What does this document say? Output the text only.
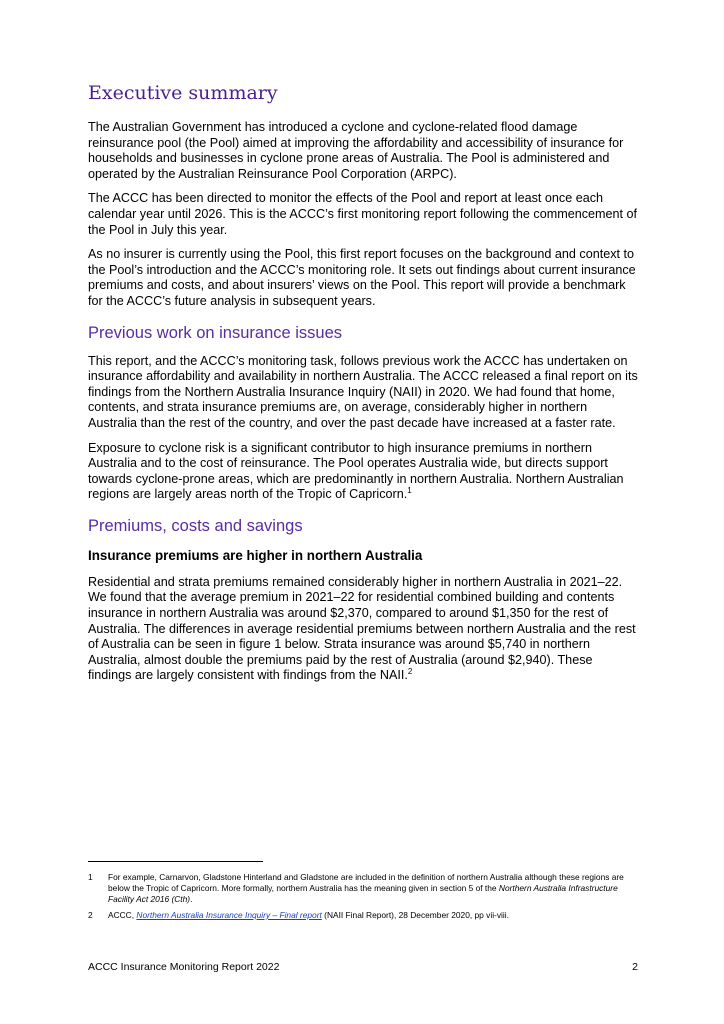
Executive summary

The Australian Government has introduced a cyclone and cyclone-related flood damage reinsurance pool (the Pool) aimed at improving the affordability and accessibility of insurance for households and businesses in cyclone prone areas of Australia. The Pool is administered and operated by the Australian Reinsurance Pool Corporation (ARPC).

The ACCC has been directed to monitor the effects of the Pool and report at least once each calendar year until 2026. This is the ACCC’s first monitoring report following the commencement of the Pool in July this year.

As no insurer is currently using the Pool, this first report focuses on the background and context to the Pool’s introduction and the ACCC’s monitoring role. It sets out findings about current insurance premiums and costs, and about insurers’ views on the Pool. This report will provide a benchmark for the ACCC’s future analysis in subsequent years.

Previous work on insurance issues

This report, and the ACCC’s monitoring task, follows previous work the ACCC has undertaken on insurance affordability and availability in northern Australia. The ACCC released a final report on its findings from the Northern Australia Insurance Inquiry (NAII) in 2020. We had found that home, contents, and strata insurance premiums are, on average, considerably higher in northern Australia than the rest of the country, and over the past decade have increased at a faster rate.

Exposure to cyclone risk is a significant contributor to high insurance premiums in northern Australia and to the cost of reinsurance. The Pool operates Australia wide, but directs support towards cyclone-prone areas, which are predominantly in northern Australia. Northern Australian regions are largely areas north of the Tropic of Capricorn.$^1$

Premiums, costs and savings
Insurance premiums are higher in northern Australia

Residential and strata premiums remained considerably higher in northern Australia in 2021–22. We found that the average premium in 2021–22 for residential combined building and contents insurance in northern Australia was around $2,370, compared to around $1,350 for the rest of Australia. The differences in average residential premiums between northern Australia and the rest of Australia can be seen in figure 1 below. Strata insurance was around $5,740 in northern Australia, almost double the premiums paid by the rest of Australia (around $2,940). These findings are largely consistent with findings from the NAII.$^2$

1	For example, Carnarvon, Gladstone Hinterland and Gladstone are included in the definition of northern Australia although these regions are below the Tropic of Capricorn. More formally, northern Australia has the meaning given in section 5 of the Northern Australia Infrastructure Facility Act 2016 (Cth).
2	ACCC, Northern Australia Insurance Inquiry – Final report (NAII Final Report), 28 December 2020, pp vii-viii.
ACCC Insurance Monitoring Report 2022	2
